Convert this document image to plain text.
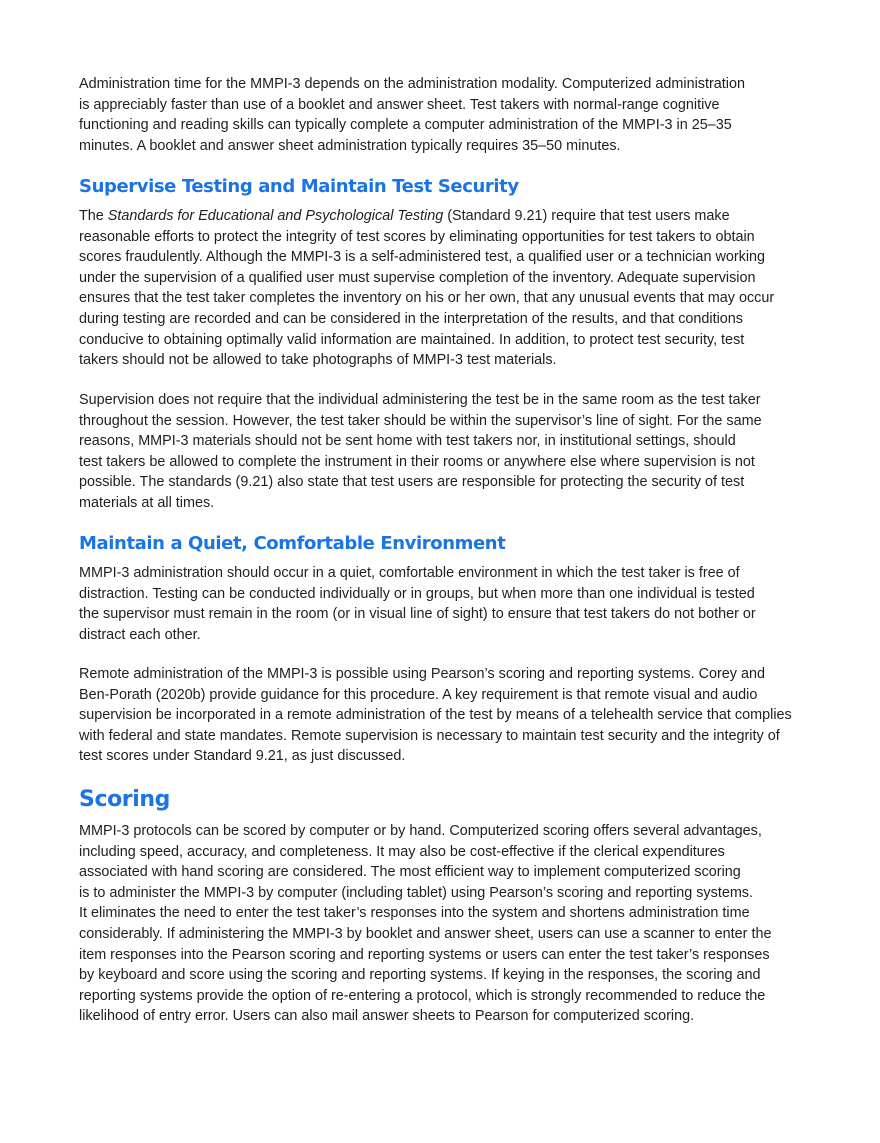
Administration time for the MMPI-3 depends on the administration modality. Computerized administration
is appreciably faster than use of a booklet and answer sheet. Test takers with normal-range cognitive
functioning and reading skills can typically complete a computer administration of the MMPI-3 in 25–35
minutes. A booklet and answer sheet administration typically requires 35–50 minutes.
Supervise Testing and Maintain Test Security
The Standards for Educational and Psychological Testing (Standard 9.21) require that test users make
reasonable efforts to protect the integrity of test scores by eliminating opportunities for test takers to obtain
scores fraudulently. Although the MMPI-3 is a self-administered test, a qualified user or a technician working
under the supervision of a qualified user must supervise completion of the inventory. Adequate supervision
ensures that the test taker completes the inventory on his or her own, that any unusual events that may occur
during testing are recorded and can be considered in the interpretation of the results, and that conditions
conducive to obtaining optimally valid information are maintained. In addition, to protect test security, test
takers should not be allowed to take photographs of MMPI-3 test materials.
Supervision does not require that the individual administering the test be in the same room as the test taker
throughout the session. However, the test taker should be within the supervisor’s line of sight. For the same
reasons, MMPI-3 materials should not be sent home with test takers nor, in institutional settings, should
test takers be allowed to complete the instrument in their rooms or anywhere else where supervision is not
possible. The standards (9.21) also state that test users are responsible for protecting the security of test
materials at all times.
Maintain a Quiet, Comfortable Environment
MMPI-3 administration should occur in a quiet, comfortable environment in which the test taker is free of
distraction. Testing can be conducted individually or in groups, but when more than one individual is tested
the supervisor must remain in the room (or in visual line of sight) to ensure that test takers do not bother or
distract each other.
Remote administration of the MMPI-3 is possible using Pearson’s scoring and reporting systems. Corey and
Ben-Porath (2020b) provide guidance for this procedure. A key requirement is that remote visual and audio
supervision be incorporated in a remote administration of the test by means of a telehealth service that complies
with federal and state mandates. Remote supervision is necessary to maintain test security and the integrity of
test scores under Standard 9.21, as just discussed.
Scoring
MMPI-3 protocols can be scored by computer or by hand. Computerized scoring offers several advantages,
including speed, accuracy, and completeness. It may also be cost-effective if the clerical expenditures
associated with hand scoring are considered. The most efficient way to implement computerized scoring
is to administer the MMPI-3 by computer (including tablet) using Pearson’s scoring and reporting systems.
It eliminates the need to enter the test taker’s responses into the system and shortens administration time
considerably. If administering the MMPI-3 by booklet and answer sheet, users can use a scanner to enter the
item responses into the Pearson scoring and reporting systems or users can enter the test taker’s responses
by keyboard and score using the scoring and reporting systems. If keying in the responses, the scoring and
reporting systems provide the option of re-entering a protocol, which is strongly recommended to reduce the
likelihood of entry error. Users can also mail answer sheets to Pearson for computerized scoring.
